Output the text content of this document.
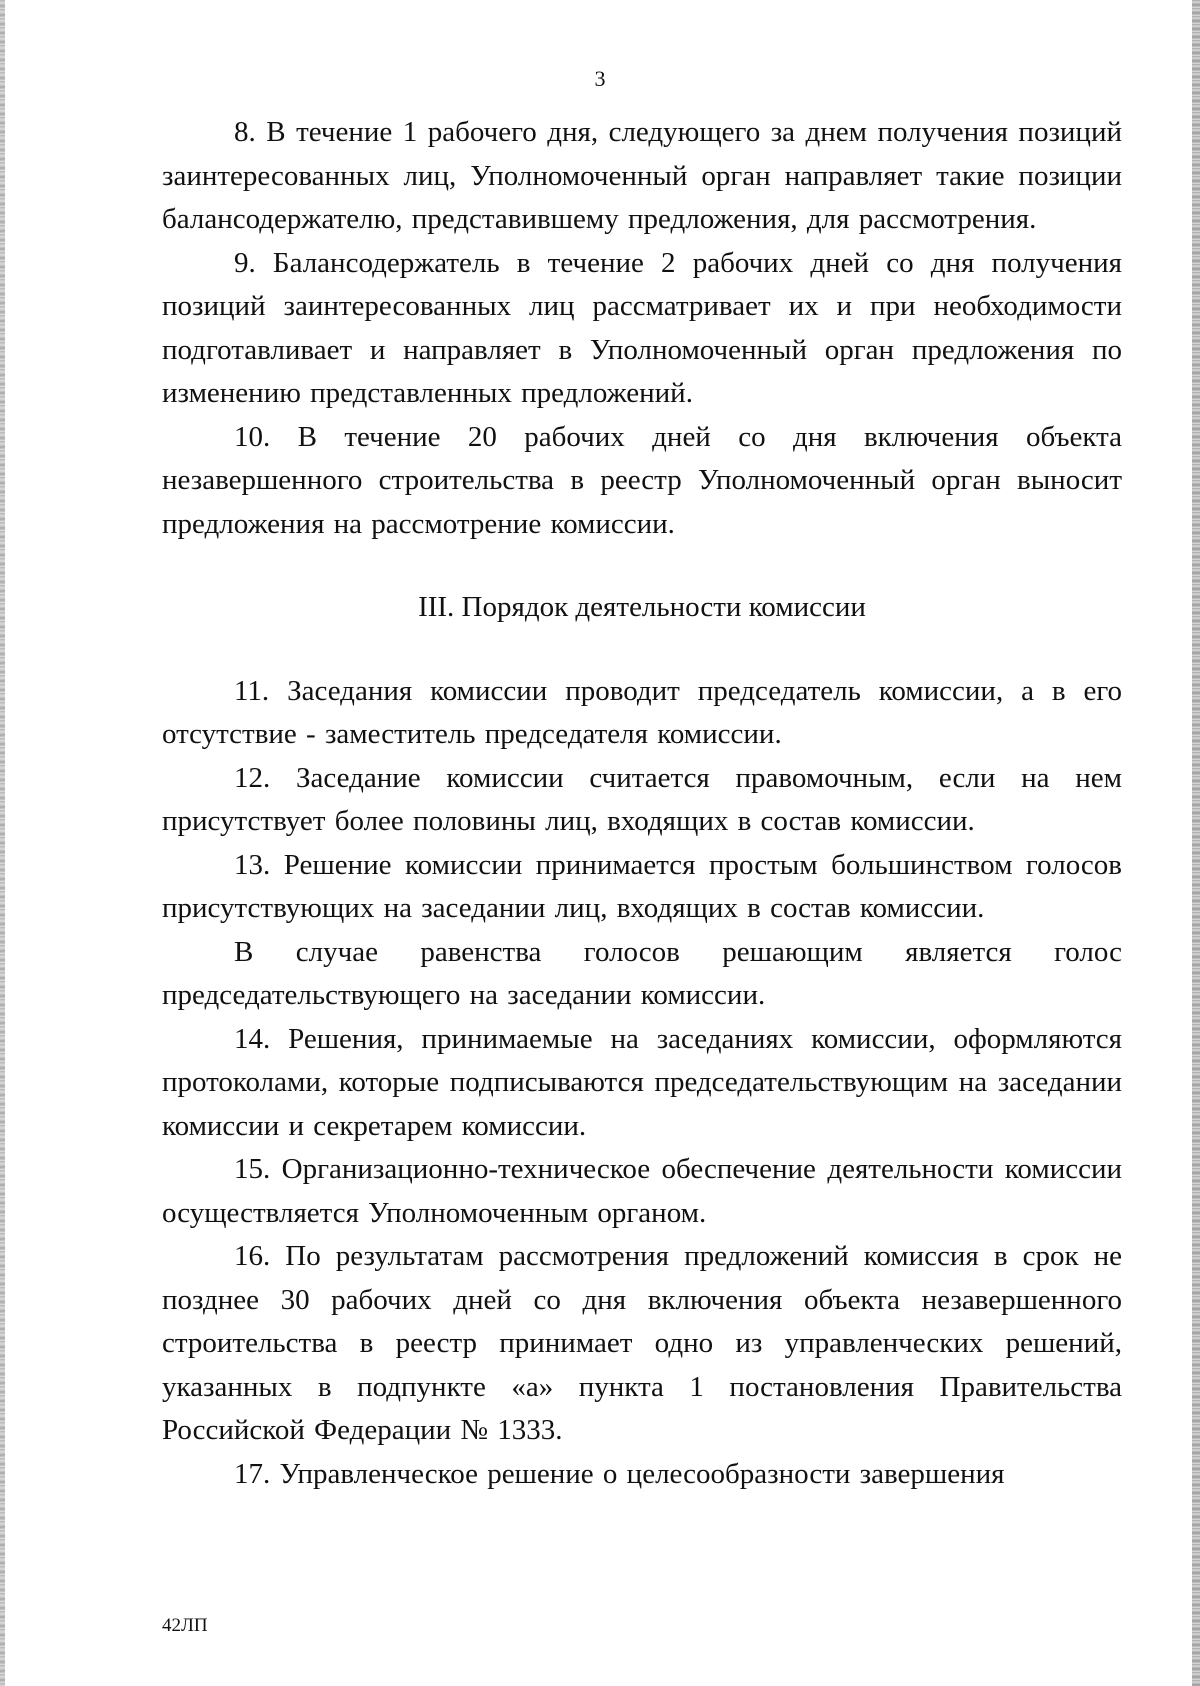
3

8. В течение 1 рабочего дня, следующего за днем получения позиций заинтересованных лиц, Уполномоченный орган направляет такие позиции балансодержателю, представившему предложения, для рассмотрения.

9. Балансодержатель в течение 2 рабочих дней со дня получения позиций заинтересованных лиц рассматривает их и при необходимости подготавливает и направляет в Уполномоченный орган предложения по изменению представленных предложений.

10. В течение 20 рабочих дней со дня включения объекта незавершенного строительства в реестр Уполномоченный орган выносит предложения на рассмотрение комиссии.

III. Порядок деятельности комиссии

11. Заседания комиссии проводит председатель комиссии, а в его отсутствие - заместитель председателя комиссии.

12. Заседание комиссии считается правомочным, если на нем присутствует более половины лиц, входящих в состав комиссии.

13. Решение комиссии принимается простым большинством голосов присутствующих на заседании лиц, входящих в состав комиссии.

В случае равенства голосов решающим является голос председательствующего на заседании комиссии.

14. Решения, принимаемые на заседаниях комиссии, оформляются протоколами, которые подписываются председательствующим на заседании комиссии и секретарем комиссии.

15. Организационно-техническое обеспечение деятельности комиссии осуществляется Уполномоченным органом.

16. По результатам рассмотрения предложений комиссия в срок не позднее 30 рабочих дней со дня включения объекта незавершенного строительства в реестр принимает одно из управленческих решений, указанных в подпункте «а» пункта 1 постановления Правительства Российской Федерации № 1333.

17. Управленческое решение о целесообразности завершения

42ЛП
